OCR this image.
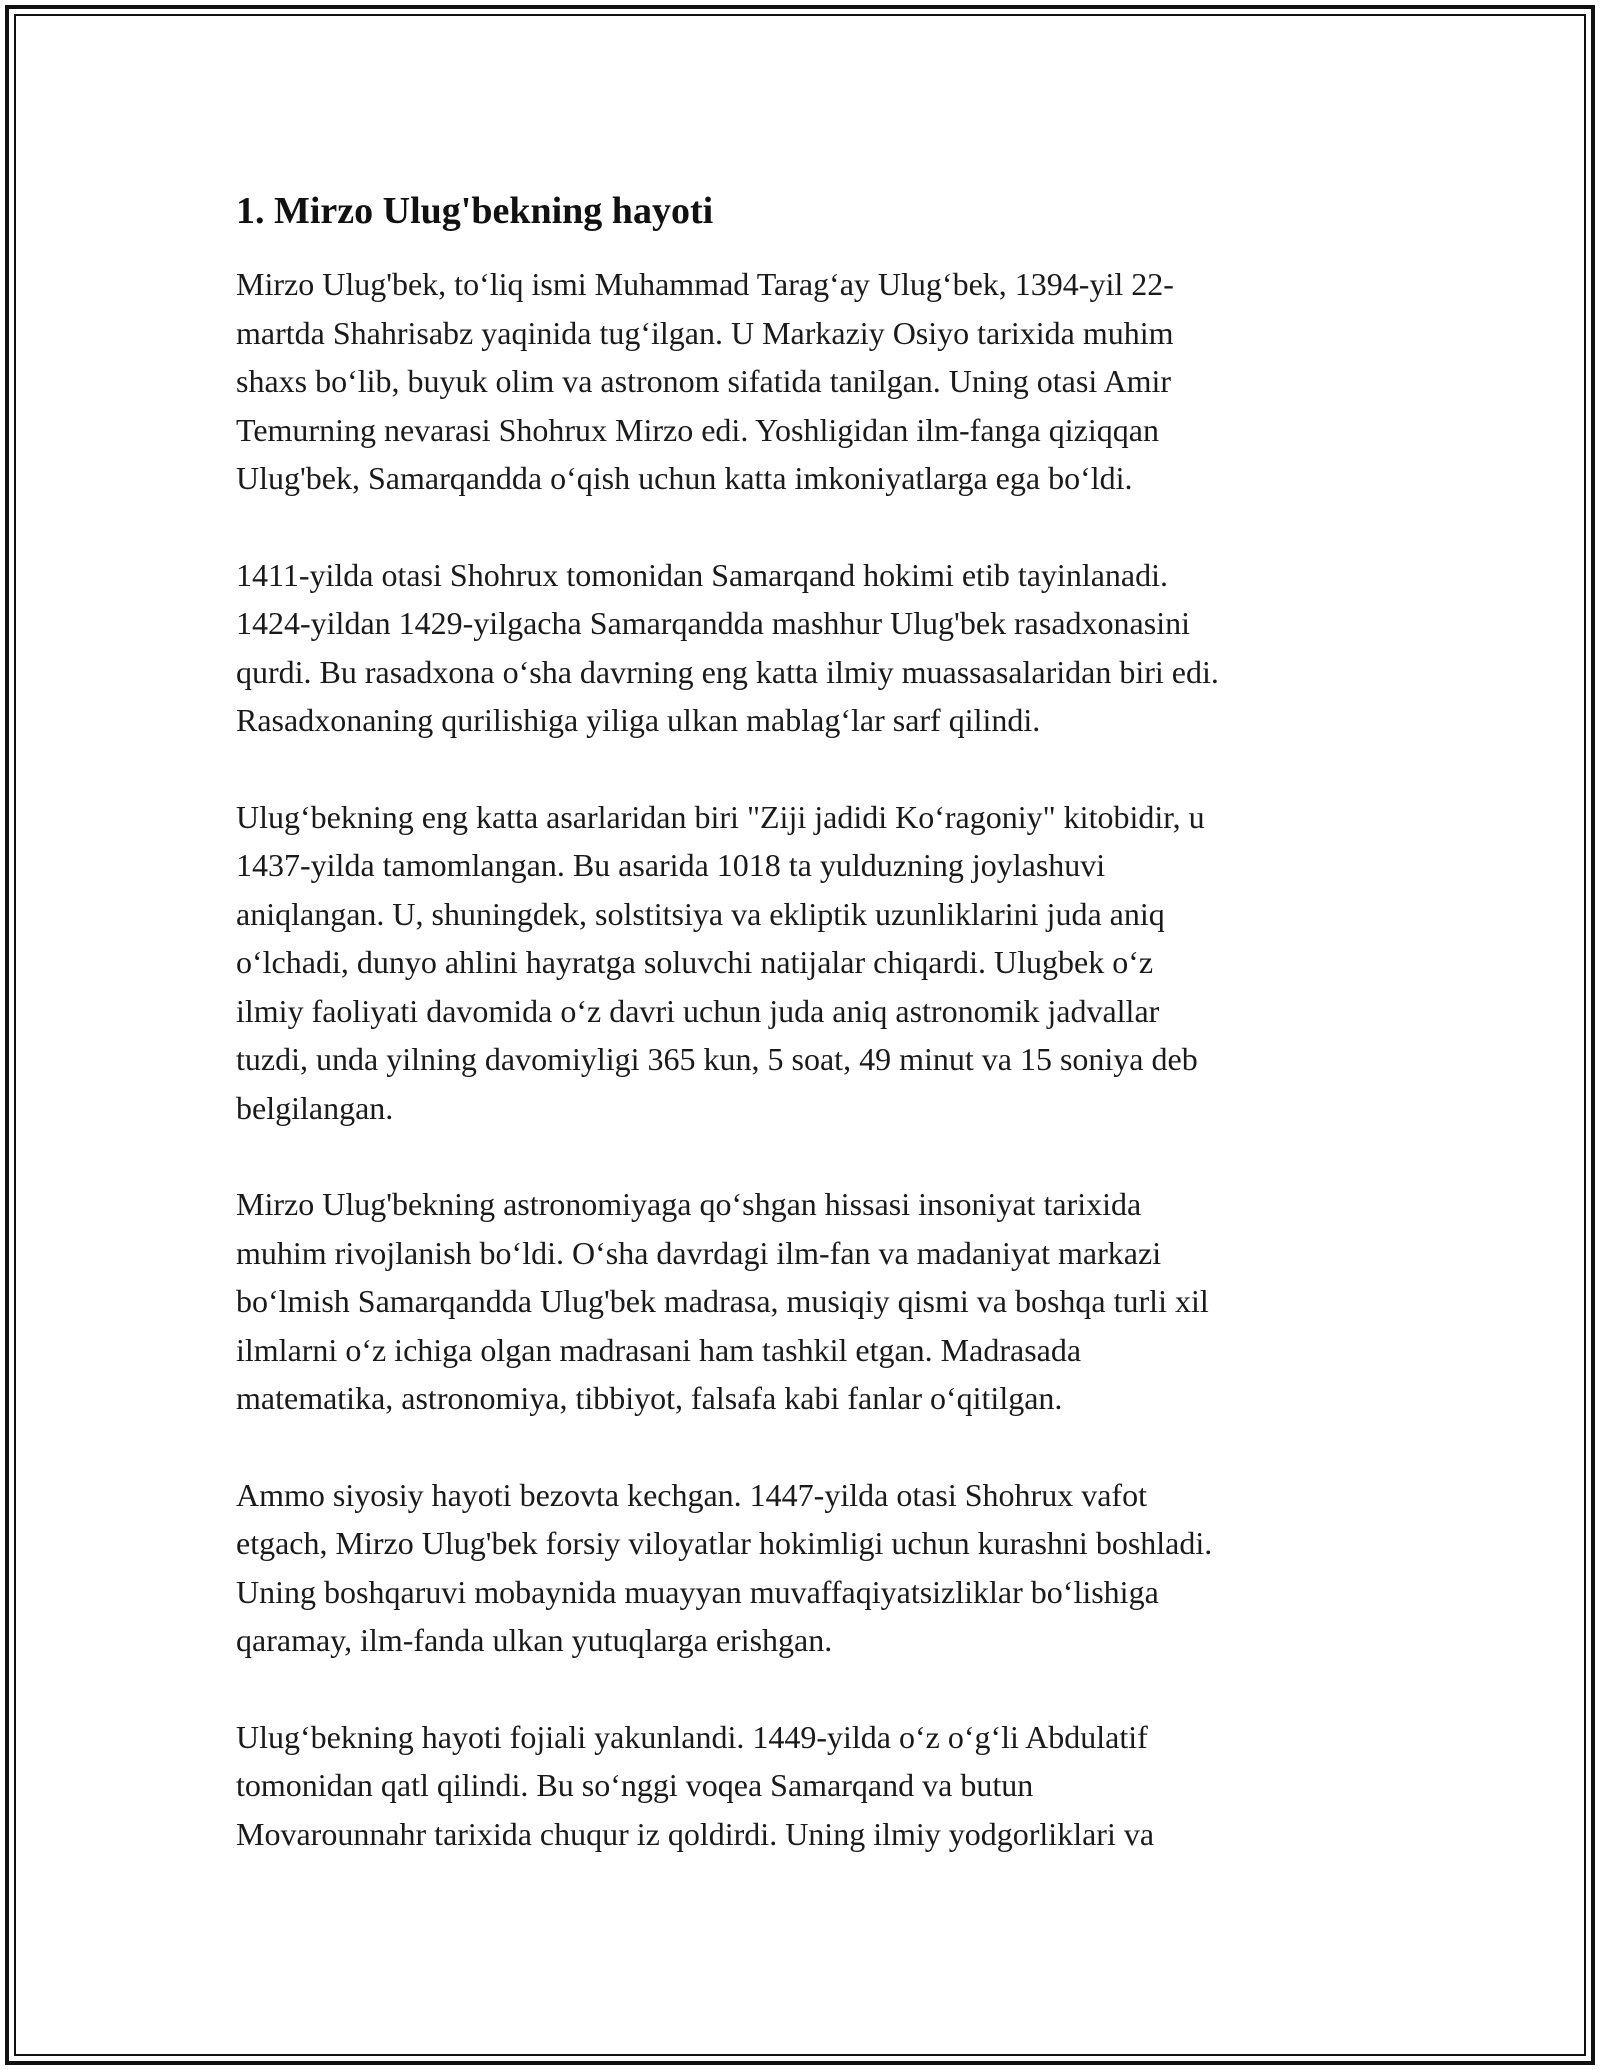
1. Mirzo Ulug'bekning hayoti

Mirzo Ulug'bek, to‘liq ismi Muhammad Tarag‘ay Ulug‘bek, 1394-yil 22-
martda Shahrisabz yaqinida tug‘ilgan. U Markaziy Osiyo tarixida muhim
shaxs bo‘lib, buyuk olim va astronom sifatida tanilgan. Uning otasi Amir
Temurning nevarasi Shohrux Mirzo edi. Yoshligidan ilm-fanga qiziqqan
Ulug'bek, Samarqandda o‘qish uchun katta imkoniyatlarga ega bo‘ldi.

1411-yilda otasi Shohrux tomonidan Samarqand hokimi etib tayinlanadi.
1424-yildan 1429-yilgacha Samarqandda mashhur Ulug'bek rasadxonasini
qurdi. Bu rasadxona o‘sha davrning eng katta ilmiy muassasalaridan biri edi.
Rasadxonaning qurilishiga yiliga ulkan mablag‘lar sarf qilindi.

Ulug‘bekning eng katta asarlaridan biri "Ziji jadidi Ko‘ragoniy" kitobidir, u
1437-yilda tamomlangan. Bu asarida 1018 ta yulduzning joylashuvi
aniqlangan. U, shuningdek, solstitsiya va ekliptik uzunliklarini juda aniq
o‘lchadi, dunyo ahlini hayratga soluvchi natijalar chiqardi. Ulugbek o‘z
ilmiy faoliyati davomida o‘z davri uchun juda aniq astronomik jadvallar
tuzdi, unda yilning davomiyligi 365 kun, 5 soat, 49 minut va 15 soniya deb
belgilangan.

Mirzo Ulug'bekning astronomiyaga qo‘shgan hissasi insoniyat tarixida
muhim rivojlanish bo‘ldi. O‘sha davrdagi ilm-fan va madaniyat markazi
bo‘lmish Samarqandda Ulug'bek madrasa, musiqiy qismi va boshqa turli xil
ilmlarni o‘z ichiga olgan madrasani ham tashkil etgan. Madrasada
matematika, astronomiya, tibbiyot, falsafa kabi fanlar o‘qitilgan.

Ammo siyosiy hayoti bezovta kechgan. 1447-yilda otasi Shohrux vafot
etgach, Mirzo Ulug'bek forsiy viloyatlar hokimligi uchun kurashni boshladi.
Uning boshqaruvi mobaynida muayyan muvaffaqiyatsizliklar bo‘lishiga
qaramay, ilm-fanda ulkan yutuqlarga erishgan.

Ulug‘bekning hayoti fojiali yakunlandi. 1449-yilda o‘z o‘g‘li Abdulatif
tomonidan qatl qilindi. Bu so‘nggi voqea Samarqand va butun
Movarounnahr tarixida chuqur iz qoldirdi. Uning ilmiy yodgorliklari va
